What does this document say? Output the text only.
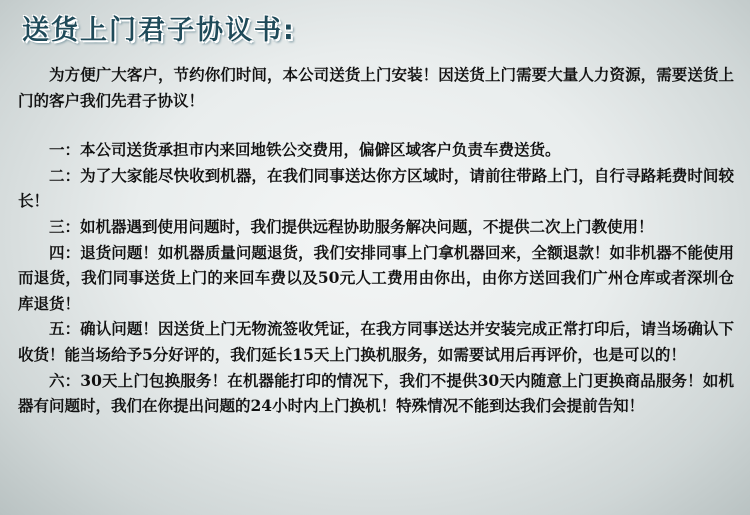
送货上门君子协议书:

为方便广大客户，节约你们时间，本公司送货上门安装！因送货上门需要大量人力资源，需要送货上门的客户我们先君子协议！

一：本公司送货承担市内来回地铁公交费用，偏僻区域客户负责车费送货。

二：为了大家能尽快收到机器，在我们同事送达你方区域时，请前往带路上门，自行寻路耗费时间较长！

三：如机器遇到使用问题时，我们提供远程协助服务解决问题，不提供二次上门教使用！

四：退货问题！如机器质量问题退货，我们安排同事上门拿机器回来，全额退款！如非机器不能使用而退货，我们同事送货上门的来回车费以及50元人工费用由你出，由你方送回我们广州仓库或者深圳仓库退货！

五：确认问题！因送货上门无物流签收凭证，在我方同事送达并安装完成正常打印后，请当场确认下收货！能当场给予5分好评的，我们延长15天上门换机服务，如需要试用后再评价，也是可以的！

六：30天上门包换服务！在机器能打印的情况下，我们不提供30天内随意上门更换商品服务！如机器有问题时，我们在你提出问题的24小时内上门换机！特殊情况不能到达我们会提前告知！
